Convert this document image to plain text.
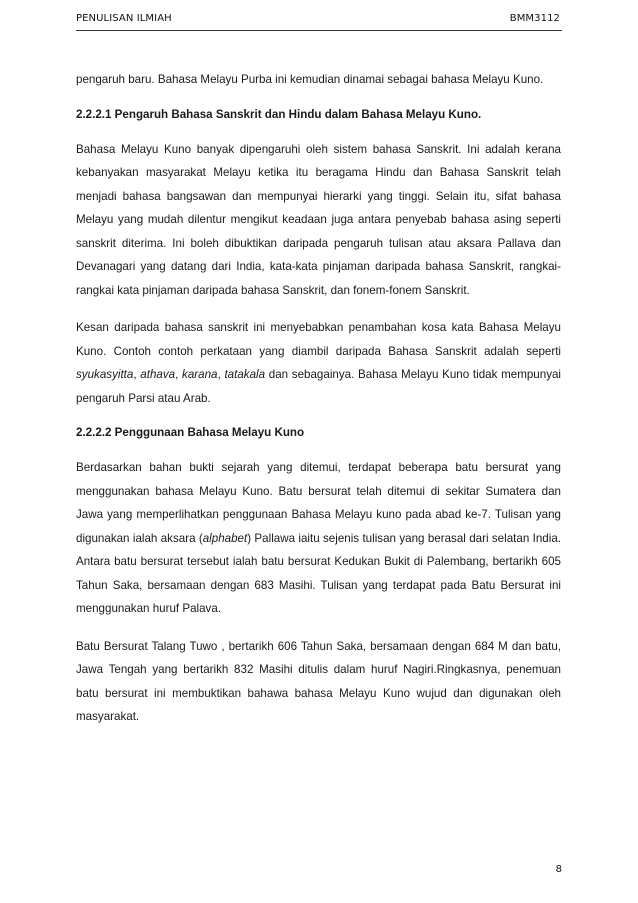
PENULISAN ILMIAH	BMM3112

pengaruh baru. Bahasa Melayu Purba ini kemudian dinamai sebagai bahasa Melayu Kuno.

2.2.2.1 Pengaruh Bahasa Sanskrit dan Hindu dalam Bahasa Melayu Kuno.

Bahasa Melayu Kuno banyak dipengaruhi oleh sistem bahasa Sanskrit. Ini adalah kerana kebanyakan masyarakat Melayu ketika itu beragama Hindu dan Bahasa Sanskrit telah menjadi bahasa bangsawan dan mempunyai hierarki yang tinggi. Selain itu, sifat bahasa Melayu yang mudah dilentur mengikut keadaan juga antara penyebab bahasa asing seperti sanskrit diterima. Ini boleh dibuktikan daripada pengaruh tulisan atau aksara Pallava dan Devanagari yang datang dari India, kata-kata pinjaman daripada bahasa Sanskrit, rangkai-rangkai kata pinjaman daripada bahasa Sanskrit, dan fonem-fonem Sanskrit.

Kesan daripada bahasa sanskrit ini menyebabkan penambahan kosa kata Bahasa Melayu Kuno. Contoh contoh perkataan yang diambil daripada Bahasa Sanskrit adalah seperti syukasyitta, athava, karana, tatakala dan sebagainya. Bahasa Melayu Kuno tidak mempunyai pengaruh Parsi atau Arab.

2.2.2.2 Penggunaan Bahasa Melayu Kuno

Berdasarkan bahan bukti sejarah yang ditemui, terdapat beberapa batu bersurat yang menggunakan bahasa Melayu Kuno. Batu bersurat telah ditemui di sekitar Sumatera dan Jawa yang memperlihatkan penggunaan Bahasa Melayu kuno pada abad ke-7. Tulisan yang digunakan ialah aksara (alphabet) Pallawa iaitu sejenis tulisan yang berasal dari selatan India. Antara batu bersurat tersebut ialah batu bersurat Kedukan Bukit di Palembang, bertarikh 605 Tahun Saka, bersamaan dengan 683 Masihi. Tulisan yang terdapat pada Batu Bersurat ini menggunakan huruf Palava.

Batu Bersurat Talang Tuwo , bertarikh 606 Tahun Saka, bersamaan dengan 684 M dan batu, Jawa Tengah yang bertarikh 832 Masihi ditulis dalam huruf Nagiri.Ringkasnya, penemuan batu bersurat ini membuktikan bahawa bahasa Melayu Kuno wujud dan digunakan oleh masyarakat.

8
